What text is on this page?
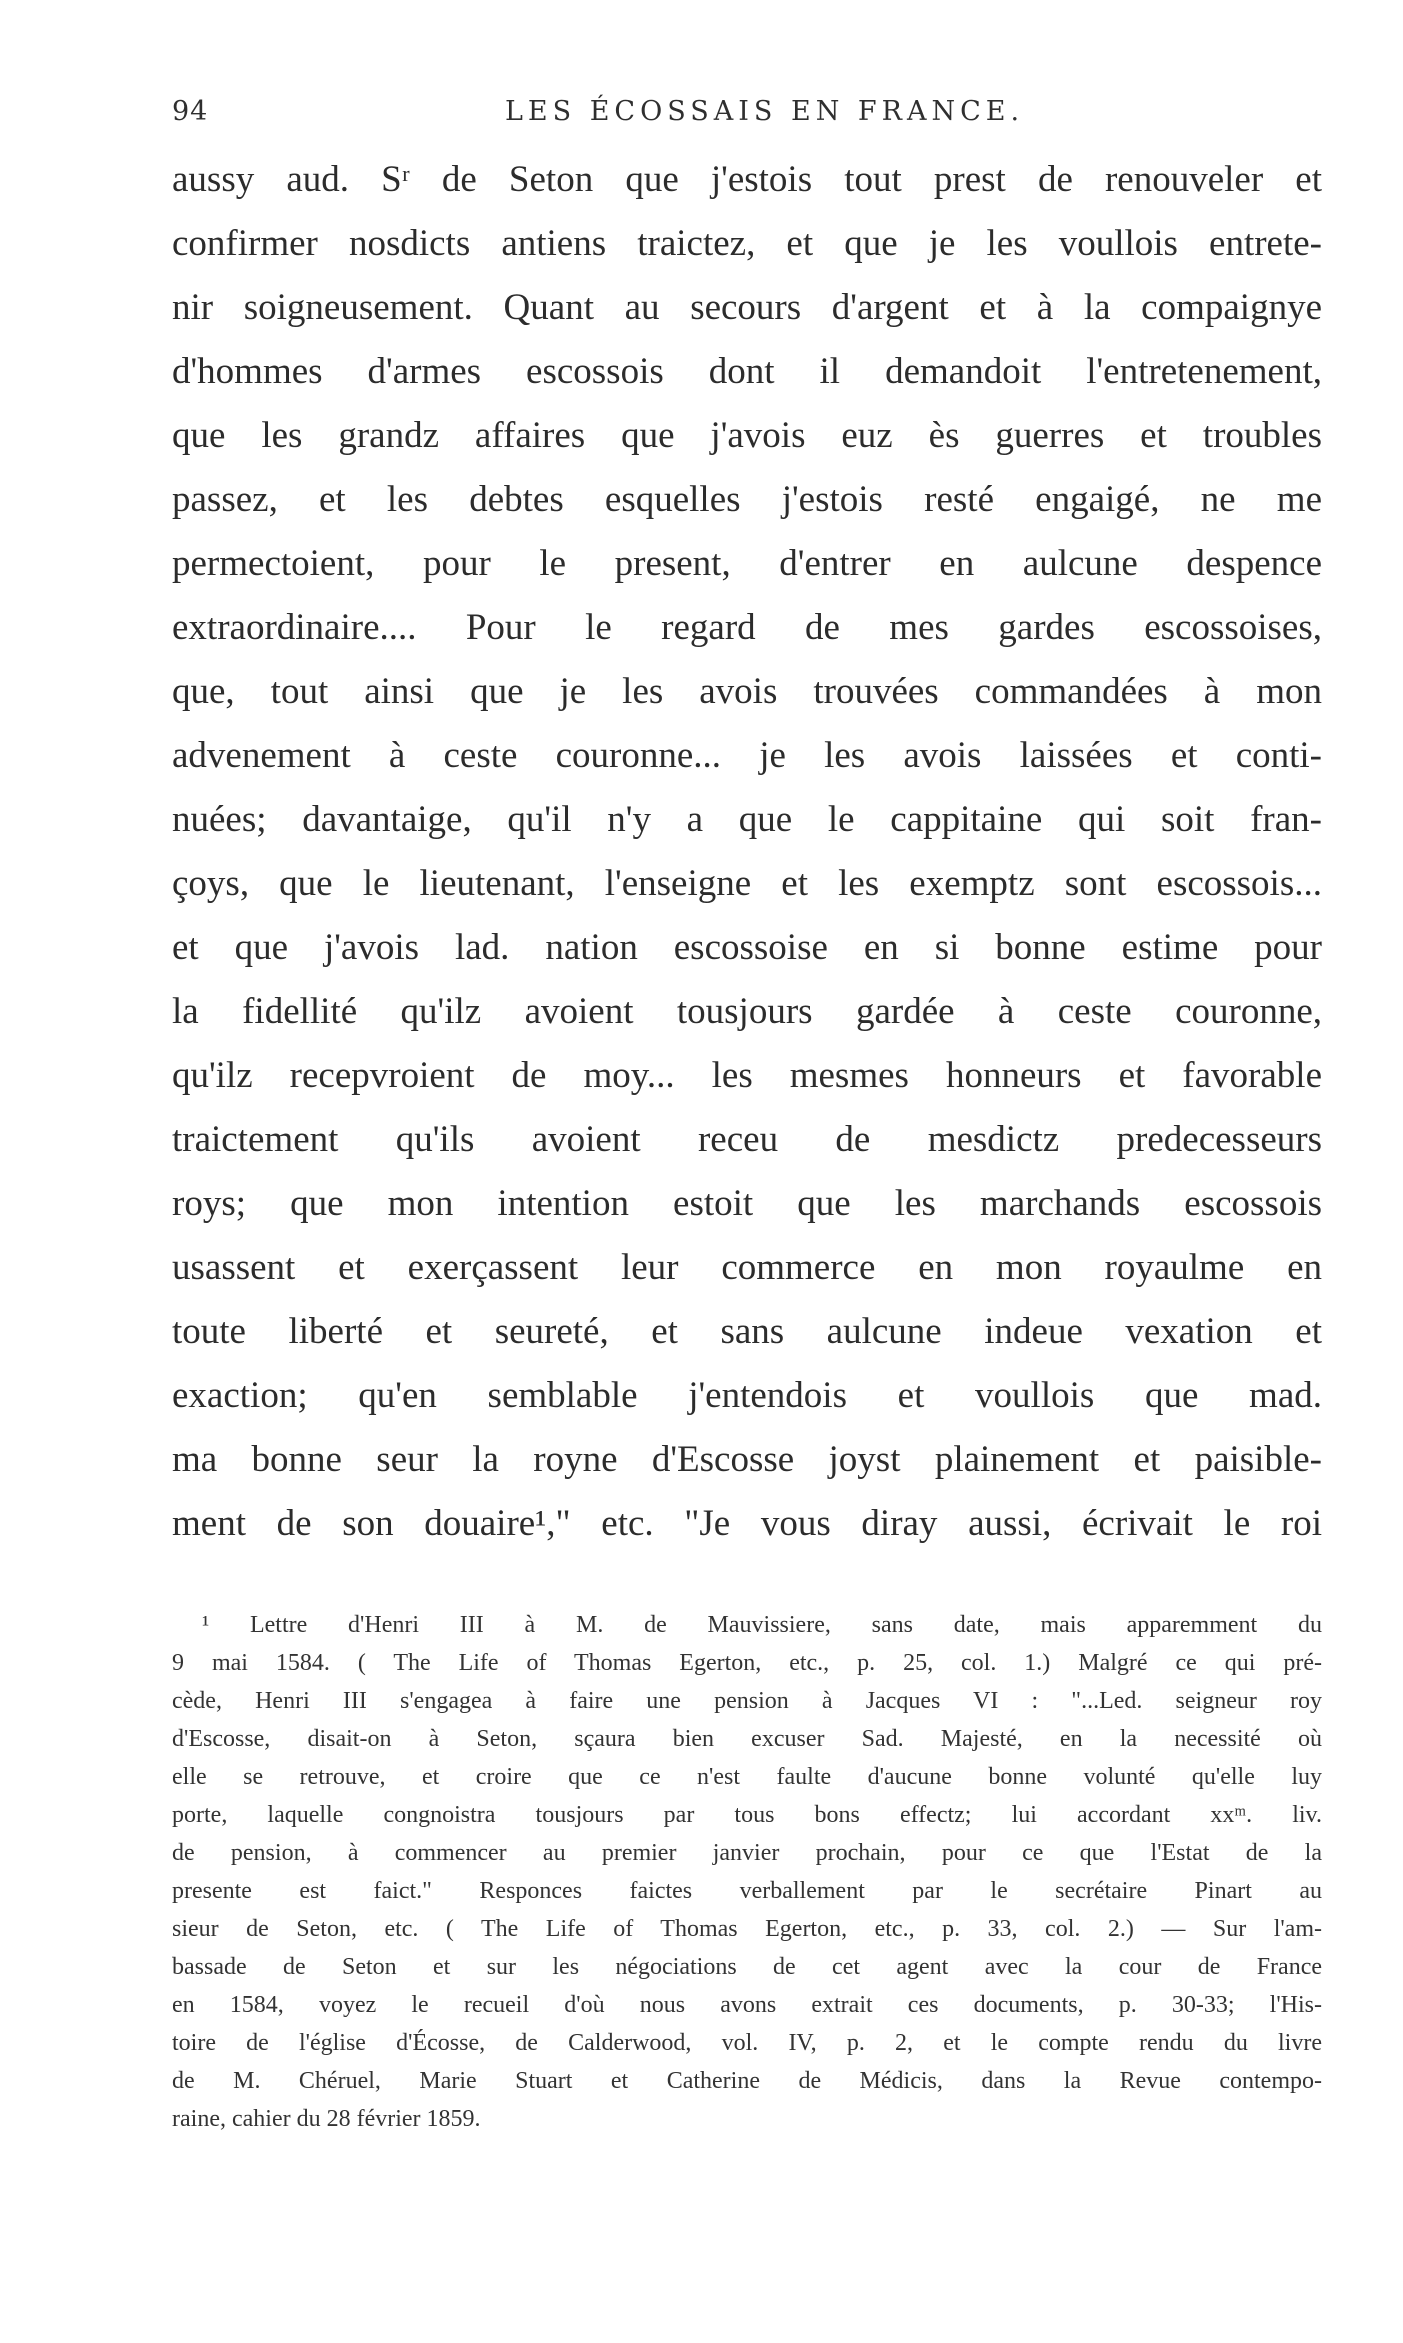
94	LES ÉCOSSAIS EN FRANCE.
aussy aud. Sʳ de Seton que j'estois tout prest de renouveler et
confirmer nosdicts antiens traictez, et que je les voullois entrete-
nir soigneusement. Quant au secours d'argent et à la compaignye
d'hommes d'armes escossois dont il demandoit l'entretenement,
que les grandz affaires que j'avois euz ès guerres et troubles
passez, et les debtes esquelles j'estois resté engaigé, ne me
permectoient, pour le present, d'entrer en aulcune despence
extraordinaire.... Pour le regard de mes gardes escossoises,
que, tout ainsi que je les avois trouvées commandées à mon
advenement à ceste couronne... je les avois laissées et conti-
nuées; davantaige, qu'il n'y a que le cappitaine qui soit fran-
çoys, que le lieutenant, l'enseigne et les exemptz sont escossois...
et que j'avois lad. nation escossoise en si bonne estime pour
la fidellité qu'ilz avoient tousjours gardée à ceste couronne,
qu'ilz recepvroient de moy... les mesmes honneurs et favorable
traictement qu'ils avoient receu de mesdictz predecesseurs
roys; que mon intention estoit que les marchands escossois
usassent et exerçassent leur commerce en mon royaulme en
toute liberté et seureté, et sans aulcune indeue vexation et
exaction; qu'en semblable j'entendois et voullois que mad.
ma bonne seur la royne d'Escosse joyst plainement et paisible-
ment de son douaire¹," etc. "Je vous diray aussi, écrivait le roi
¹ Lettre d'Henri III à M. de Mauvissiere, sans date, mais apparemment du
9 mai 1584. ( The Life of Thomas Egerton, etc., p. 25, col. 1.) Malgré ce qui pré-
cède, Henri III s'engagea à faire une pension à Jacques VI : "...Led. seigneur roy
d'Escosse, disait-on à Seton, sçaura bien excuser Sad. Majesté, en la necessité où
elle se retrouve, et croire que ce n'est faulte d'aucune bonne volunté qu'elle luy
porte, laquelle congnoistra tousjours par tous bons effectz; lui accordant xxᵐ. liv.
de pension, à commencer au premier janvier prochain, pour ce que l'Estat de la
presente est faict." Responces faictes verballement par le secrétaire Pinart au
sieur de Seton, etc. ( The Life of Thomas Egerton, etc., p. 33, col. 2.) — Sur l'am-
bassade de Seton et sur les négociations de cet agent avec la cour de France
en 1584, voyez le recueil d'où nous avons extrait ces documents, p. 30-33; l'His-
toire de l'église d'Écosse, de Calderwood, vol. IV, p. 2, et le compte rendu du livre
de M. Chéruel, Marie Stuart et Catherine de Médicis, dans la Revue contempo-
raine, cahier du 28 février 1859.
